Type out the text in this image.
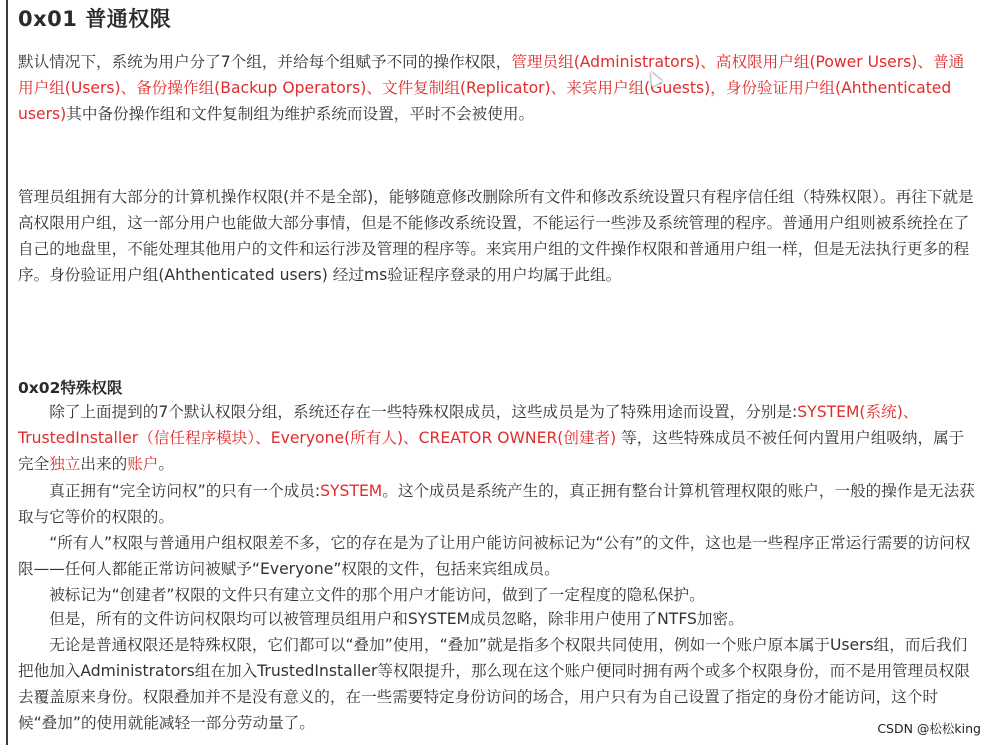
0x01 普通权限

默认情况下，系统为用户分了7个组，并给每个组赋予不同的操作权限，管理员组(Administrators)、高权限用户组(Power Users)、普通用户组(Users)、备份操作组(Backup Operators)、文件复制组(Replicator)、来宾用户组(Guests)，身份验证用户组(Ahthenticated users)其中备份操作组和文件复制组为维护系统而设置，平时不会被使用。

管理员组拥有大部分的计算机操作权限(并不是全部)，能够随意修改删除所有文件和修改系统设置只有程序信任组（特殊权限）。再往下就是高权限用户组，这一部分用户也能做大部分事情，但是不能修改系统设置，不能运行一些涉及系统管理的程序。普通用户组则被系统拴在了自己的地盘里，不能处理其他用户的文件和运行涉及管理的程序等。来宾用户组的文件操作权限和普通用户组一样，但是无法执行更多的程序。身份验证用户组(Ahthenticated users) 经过ms验证程序登录的用户均属于此组。

0x02特殊权限

除了上面提到的7个默认权限分组，系统还存在一些特殊权限成员，这些成员是为了特殊用途而设置，分别是:SYSTEM(系统)、TrustedInstaller（信任程序模块）、Everyone(所有人)、CREATOR OWNER(创建者) 等，这些特殊成员不被任何内置用户组吸纳，属于完全独立出来的账户。

真正拥有“完全访问权”的只有一个成员:SYSTEM。这个成员是系统产生的，真正拥有整台计算机管理权限的账户，一般的操作是无法获取与它等价的权限的。

“所有人”权限与普通用户组权限差不多，它的存在是为了让用户能访问被标记为“公有”的文件，这也是一些程序正常运行需要的访问权限——任何人都能正常访问被赋予“Everyone”权限的文件，包括来宾组成员。

被标记为“创建者”权限的文件只有建立文件的那个用户才能访问，做到了一定程度的隐私保护。

但是，所有的文件访问权限均可以被管理员组用户和SYSTEM成员忽略，除非用户使用了NTFS加密。

无论是普通权限还是特殊权限，它们都可以“叠加”使用，“叠加”就是指多个权限共同使用，例如一个账户原本属于Users组，而后我们把他加入Administrators组在加入TrustedInstaller等权限提升，那么现在这个账户便同时拥有两个或多个权限身份，而不是用管理员权限去覆盖原来身份。权限叠加并不是没有意义的，在一些需要特定身份访问的场合，用户只有为自己设置了指定的身份才能访问，这个时候“叠加”的使用就能减轻一部分劳动量了。	CSDN @松松king
